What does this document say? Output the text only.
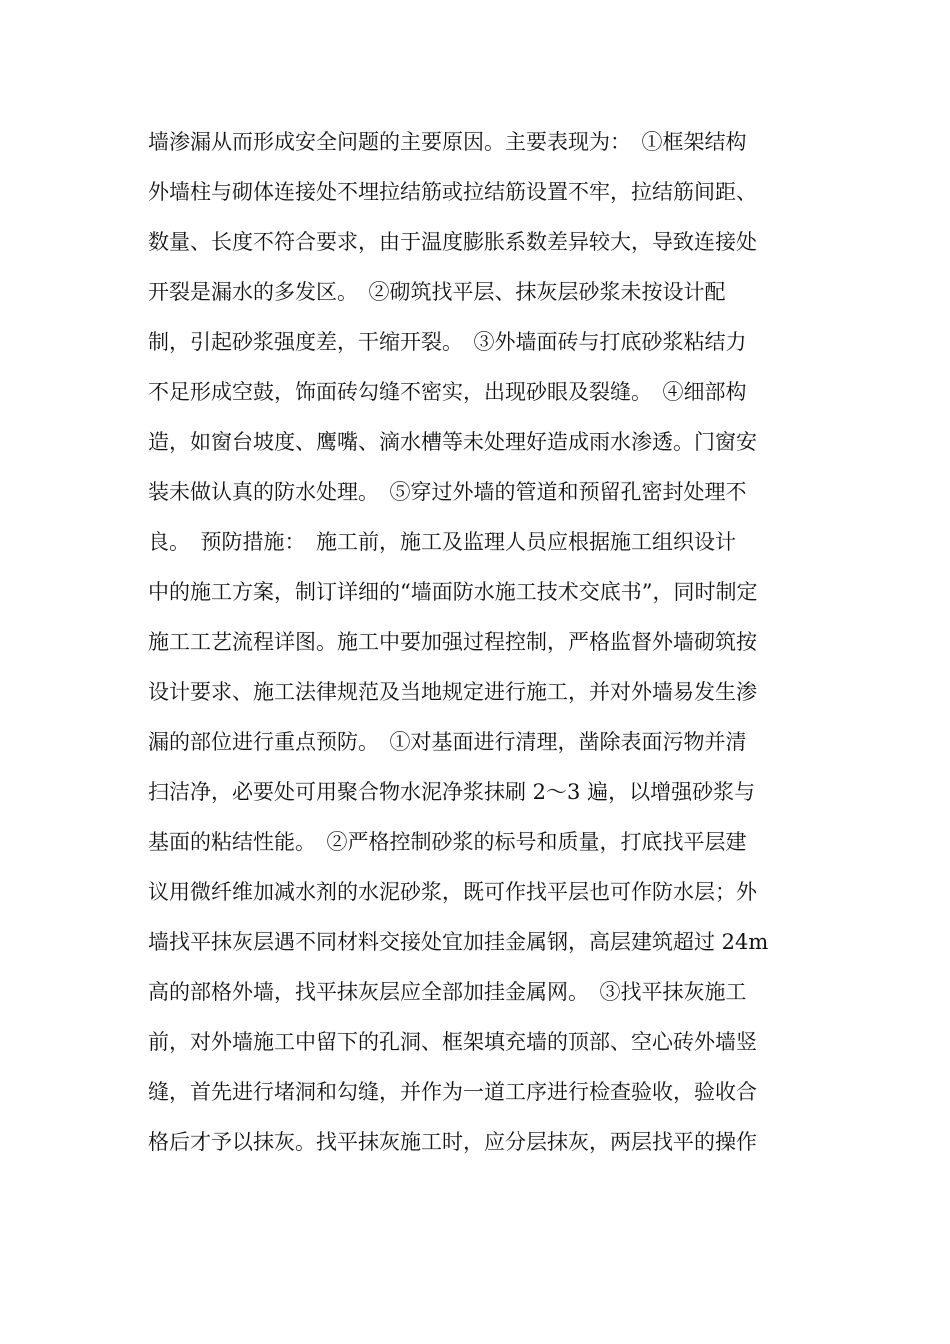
墙渗漏从而形成安全问题的主要原因。主要表现为：　①框架结构
外墙柱与砌体连接处不埋拉结筋或拉结筋设置不牢，拉结筋间距、
数量、长度不符合要求，由于温度膨胀系数差异较大，导致连接处
开裂是漏水的多发区。　②砌筑找平层、抹灰层砂浆未按设计配
制，引起砂浆强度差，干缩开裂。　③外墙面砖与打底砂浆粘结力
不足形成空鼓，饰面砖勾缝不密实，出现砂眼及裂缝。　④细部构
造，如窗台坡度、鹰嘴、滴水槽等未处理好造成雨水渗透。门窗安
装未做认真的防水处理。　⑤穿过外墙的管道和预留孔密封处理不
良。　预防措施：　施工前，施工及监理人员应根据施工组织设计
中的施工方案，制订详细的“墙面防水施工技术交底书”，同时制定
施工工艺流程详图。施工中要加强过程控制，严格监督外墙砌筑按
设计要求、施工法律规范及当地规定进行施工，并对外墙易发生渗
漏的部位进行重点预防。　①对基面进行清理，凿除表面污物并清
扫洁净，必要处可用聚合物水泥净浆抹刷 2～3 遍，以增强砂浆与
基面的粘结性能。　②严格控制砂浆的标号和质量，打底找平层建
议用微纤维加减水剂的水泥砂浆，既可作找平层也可作防水层；外
墙找平抹灰层遇不同材料交接处宜加挂金属钢，高层建筑超过 24m
高的部格外墙，找平抹灰层应全部加挂金属网。　③找平抹灰施工
前，对外墙施工中留下的孔洞、框架填充墙的顶部、空心砖外墙竖
缝，首先进行堵洞和勾缝，并作为一道工序进行检查验收，验收合
格后才予以抹灰。找平抹灰施工时，应分层抹灰，两层找平的操作
